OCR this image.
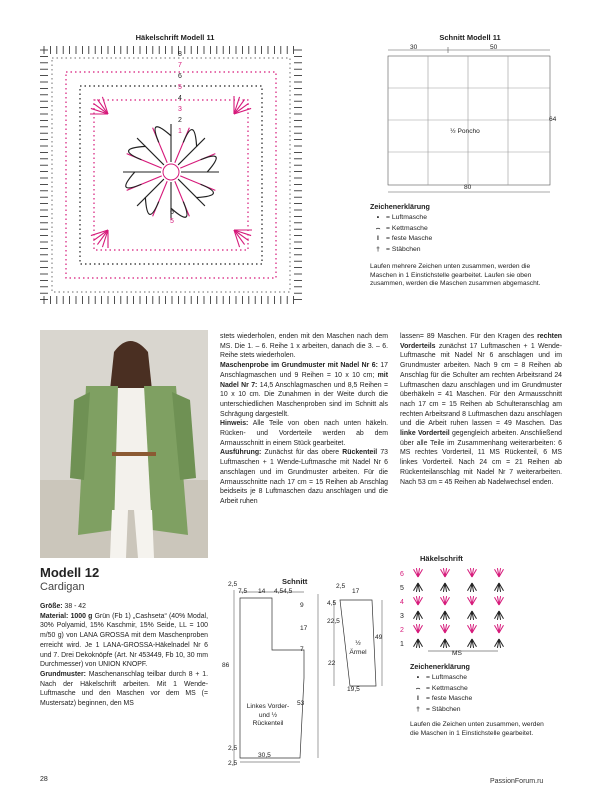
Häkelschrift Modell 11
8
7
6
5
4
3
2
1
6
5
Schnitt Modell 11
30	50
64
80
½ Poncho
Zeichenerklärung
•	= Luftmasche
⌢ = Kettmasche
I	= feste Masche
† = Stäbchen
Laufen mehrere Zeichen unten zusammen, werden die Maschen in 1 Einstichstelle gearbeitet. Laufen sie oben zusammen, werden die Maschen zusammen abgemascht.
Modell 12
Cardigan
Größe: 38 - 42
Material: 1000 g Grün (Fb 1) „Cashseta“ (40% Modal, 30% Polyamid, 15% Kaschmir, 15% Seide, LL = 100 m/50 g) von LANA GROSSA mit dem Maschenproben erreicht wird. Je 1 LANA-GROSSA-Häkelnadel Nr 6 und 7. Drei Dekoknöpfe (Art. Nr 453449, Fb 10, 30 mm Durchmesser) von UNION KNOPF.
Grundmuster: Maschenanschlag teilbar durch 8 + 1. Nach der Häkelschrift arbeiten. Mit 1 Wende-Luftmasche und den Maschen vor dem MS (= Mustersatz) beginnen, den MS
stets wiederholen, enden mit den Maschen nach dem MS. Die 1. – 6. Reihe 1 x arbeiten, danach die 3. – 6. Reihe stets wiederholen.
Maschenprobe im Grundmuster mit Nadel Nr 6: 17 Anschlagmaschen und 9 Reihen = 10 x 10 cm; mit Nadel Nr 7: 14,5 Anschlagmaschen und 8,5 Reihen = 10 x 10 cm. Die Zunahmen in der Weite durch die unterschiedlichen Maschenproben sind im Schnitt als Schrägung dargestellt.
Hinweis: Alle Teile von oben nach unten häkeln. Rücken- und Vorderteile werden ab dem Armausschnitt in einem Stück gearbeitet.
Ausführung: Zunächst für das obere Rückenteil 73 Luftmaschen + 1 Wende-Luftmasche mit Nadel Nr 6 anschlagen und im Grundmuster arbeiten. Für die Armausschnitte nach 17 cm = 15 Reihen ab Anschlag beidseits je 8 Luftmaschen dazu anschlagen und die Arbeit ruhen
lassen= 89 Maschen. Für den Kragen des rechten Vorderteils zunächst 17 Luftmaschen + 1 Wende-Luftmasche mit Nadel Nr 6 anschlagen und im Grundmuster arbeiten. Nach 9 cm = 8 Reihen ab Anschlag für die Schulter am rechten Arbeitsrand 24 Luftmaschen dazu anschlagen und im Grundmuster überhäkeln = 41 Maschen. Für den Armausschnitt nach 17 cm = 15 Reihen ab Schulteranschlag am rechten Arbeitsrand 8 Luftmaschen dazu anschlagen und die Arbeit ruhen lassen = 49 Maschen. Das linke Vorderteil gegengleich arbeiten. Anschließend über alle Teile im Zusammenhang weiterarbeiten: 6 MS rechtes Vorderteil, 11 MS Rückenteil, 6 MS linkes Vorderteil. Nach 24 cm = 21 Reihen ab Rückenteilanschlag mit Nadel Nr 7 weiterarbeiten. Nach 53 cm = 45 Reihen ab Nadelwechsel enden.
Schnitt
2,5
7,5 14 4,54,5
9
17
7
86
53
Linkes Vorder- und ½ Rückenteil
2,5
30,5
2,5
2,5
17
4,5
22,5
49
22
19,5
½ Ärmel
Häkelschrift
6
5
4
3
2
1
MS
Zeichenerklärung
•	= Luftmasche
⌢ = Kettmasche
I	= feste Masche
† = Stäbchen
Laufen die Zeichen unten zusammen, werden die Maschen in 1 Einstichstelle gearbeitet.
28	PassionForum.ru
